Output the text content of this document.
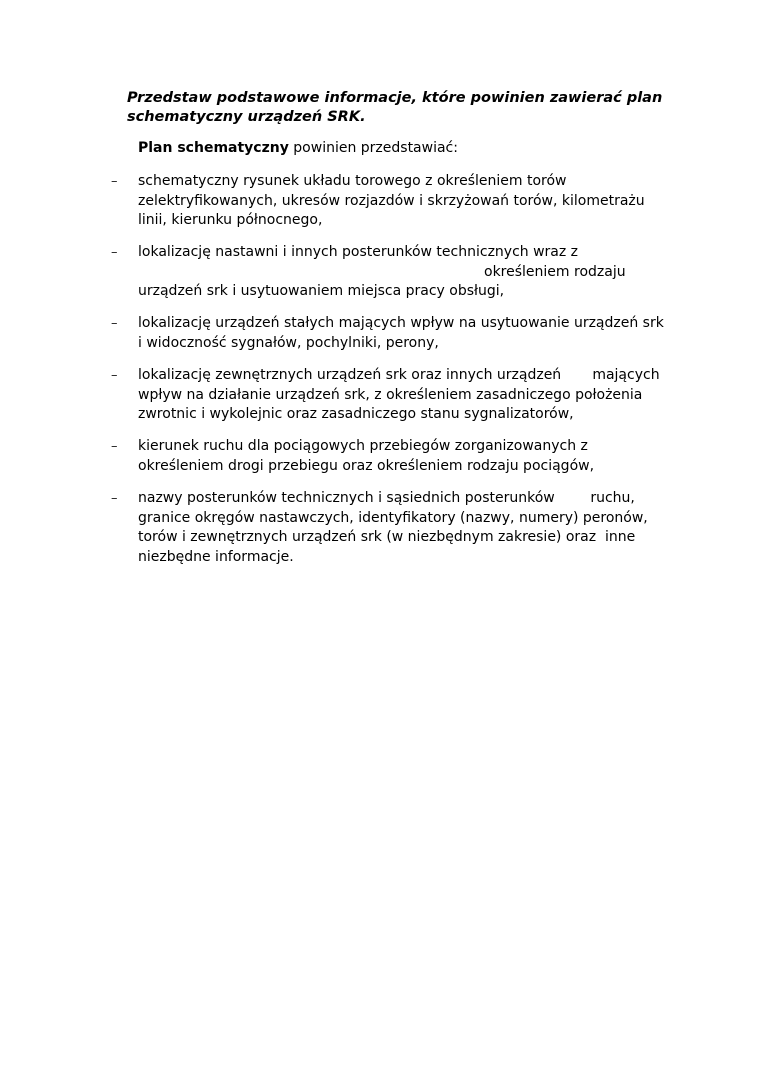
Przedstaw podstawowe informacje, które powinien zawierać plan schematyczny urządzeń SRK.

Plan schematyczny powinien przedstawiać:

– schematyczny rysunek układu torowego z określeniem torów
zelektryfikowanych, ukresów rozjazdów i skrzyżowań torów, kilometrażu
linii, kierunku północnego,
– lokalizację nastawni i innych posterunków technicznych wraz z
określeniem rodzaju
urządzeń srk i usytuowaniem miejsca pracy obsługi,
– lokalizację urządzeń stałych mających wpływ na usytuowanie urządzeń srk
i widoczność sygnałów, pochylniki, perony,
– lokalizację zewnętrznych urządzeń srk oraz innych urządzeń       mających
wpływ na działanie urządzeń srk, z określeniem zasadniczego położenia
zwrotnic i wykolejnic oraz zasadniczego stanu sygnalizatorów,
– kierunek ruchu dla pociągowych przebiegów zorganizowanych z
określeniem drogi przebiegu oraz określeniem rodzaju pociągów,
– nazwy posterunków technicznych i sąsiednich posterunków        ruchu,
granice okręgów nastawczych, identyfikatory (nazwy, numery) peronów,
torów i zewnętrznych urządzeń srk (w niezbędnym zakresie) oraz  inne
niezbędne informacje.
